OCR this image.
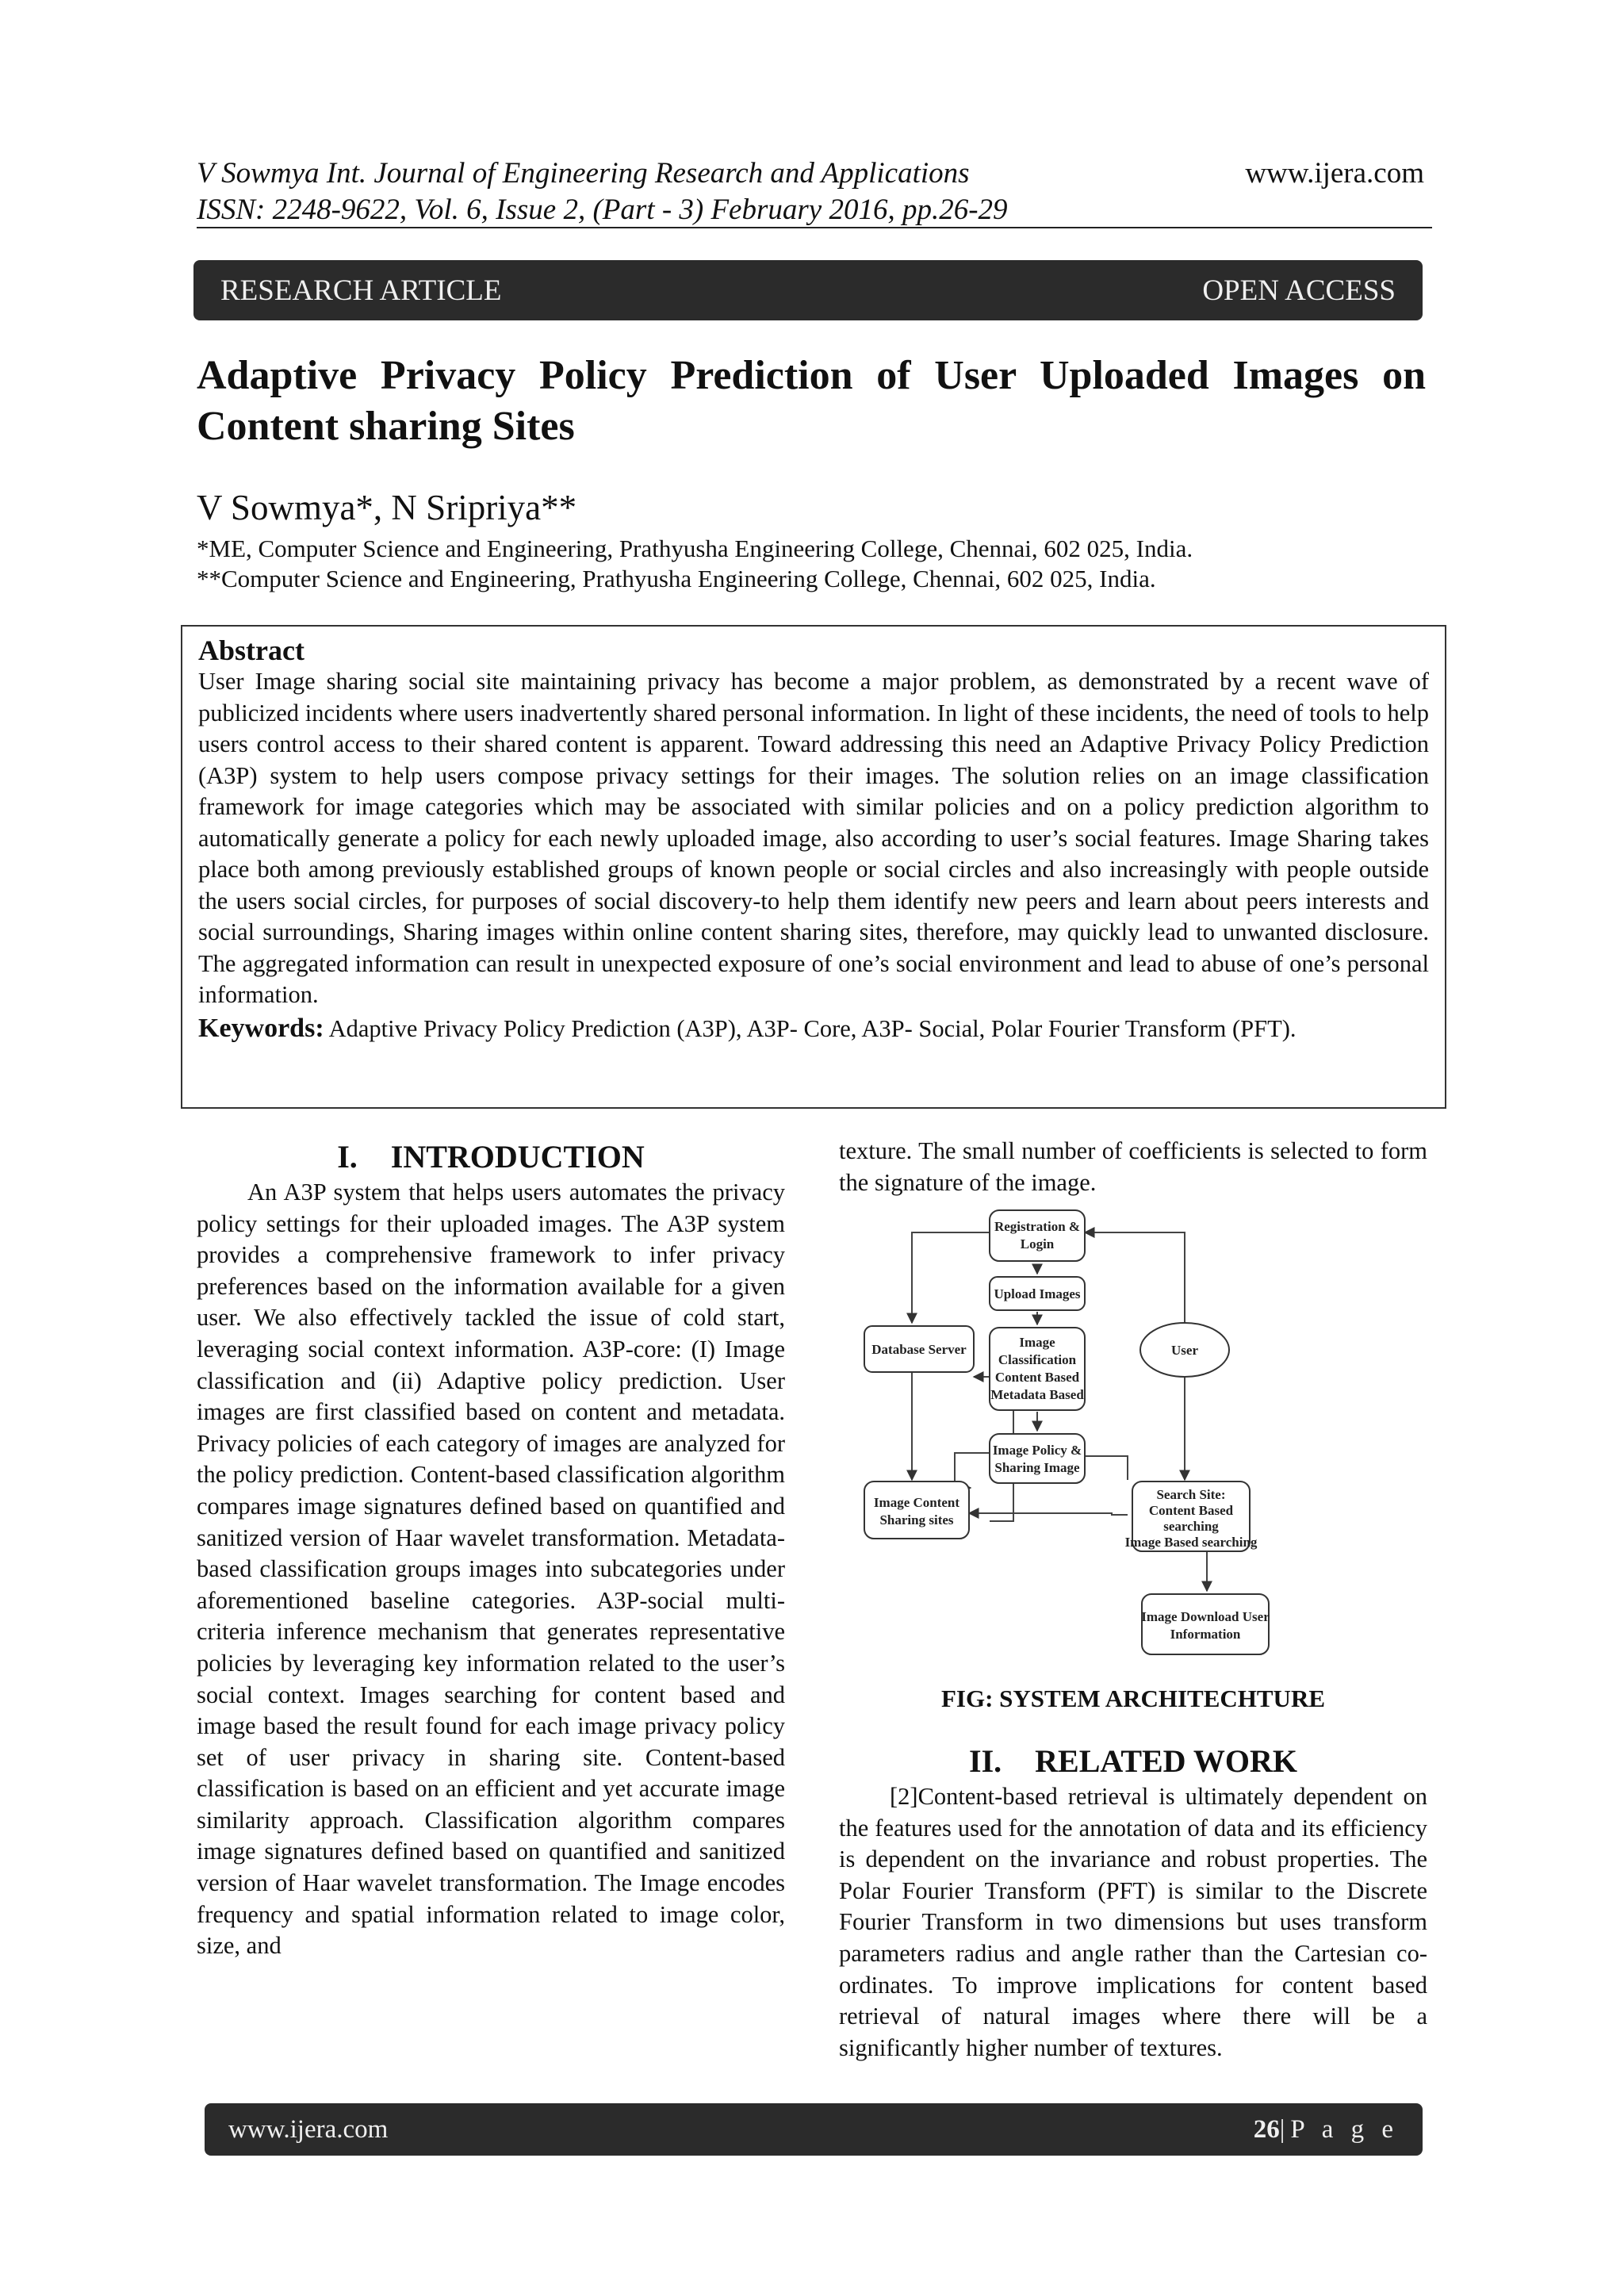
V Sowmya Int. Journal of Engineering Research and Applications
ISSN: 2248-9622, Vol. 6, Issue 2, (Part - 3) February 2016, pp.26-29
www.ijera.com
RESEARCH ARTICLE	OPEN ACCESS
Adaptive Privacy Policy Prediction of User Uploaded Images on Content sharing Sites
V Sowmya*, N Sripriya**
*ME, Computer Science and Engineering, Prathyusha Engineering College, Chennai, 602 025, India.
**Computer Science and Engineering, Prathyusha Engineering College, Chennai, 602 025, India.
Abstract
User Image sharing social site maintaining privacy has become a major problem, as demonstrated by a recent wave of publicized incidents where users inadvertently shared personal information. In light of these incidents, the need of tools to help users control access to their shared content is apparent. Toward addressing this need an Adaptive Privacy Policy Prediction (A3P) system to help users compose privacy settings for their images. The solution relies on an image classification framework for image categories which may be associated with similar policies and on a policy prediction algorithm to automatically generate a policy for each newly uploaded image, also according to user’s social features. Image Sharing takes place both among previously established groups of known people or social circles and also increasingly with people outside the users social circles, for purposes of social discovery-to help them identify new peers and learn about peers interests and social surroundings, Sharing images within online content sharing sites, therefore, may quickly lead to unwanted disclosure. The aggregated information can result in unexpected exposure of one’s social environment and lead to abuse of one’s personal information.
Keywords: Adaptive Privacy Policy Prediction (A3P), A3P- Core, A3P- Social, Polar Fourier Transform (PFT).
I. INTRODUCTION
An A3P system that helps users automates the privacy policy settings for their uploaded images. The A3P system provides a comprehensive framework to infer privacy preferences based on the information available for a given user. We also effectively tackled the issue of cold start, leveraging social context information. A3P-core: (I) Image classification and (ii) Adaptive policy prediction. User images are first classified based on content and metadata. Privacy policies of each category of images are analyzed for the policy prediction. Content-based classification algorithm compares image signatures defined based on quantified and sanitized version of Haar wavelet transformation. Metadata-based classification groups images into subcategories under aforementioned baseline categories. A3P-social multi-criteria inference mechanism that generates representative policies by leveraging key information related to the user’s social context. Images searching for content based and image based the result found for each image privacy policy set of user privacy in sharing site. Content-based classification is based on an efficient and yet accurate image similarity approach. Classification algorithm compares image signatures defined based on quantified and sanitized version of Haar wavelet transformation. The Image encodes frequency and spatial information related to image color, size, and
texture. The small number of coefficients is selected to form the signature of the image.
Registration &
Login
Upload Images
Image
Classification
Content Based
Metadata Based
Image Policy &
Sharing Image
Database Server	User
Image Content
Sharing sites
Search Site:
Content Based
searching
Image Based searching
Image Download User
Information
FIG: SYSTEM ARCHITECHTURE
II. RELATED WORK
[2]Content-based retrieval is ultimately dependent on the features used for the annotation of data and its efficiency is dependent on the invariance and robust properties. The Polar Fourier Transform (PFT) is similar to the Discrete Fourier Transform in two dimensions but uses transform parameters radius and angle rather than the Cartesian co-ordinates. To improve implications for content based retrieval of natural images where there will be a significantly higher number of textures.
www.ijera.com	26|P a g e
